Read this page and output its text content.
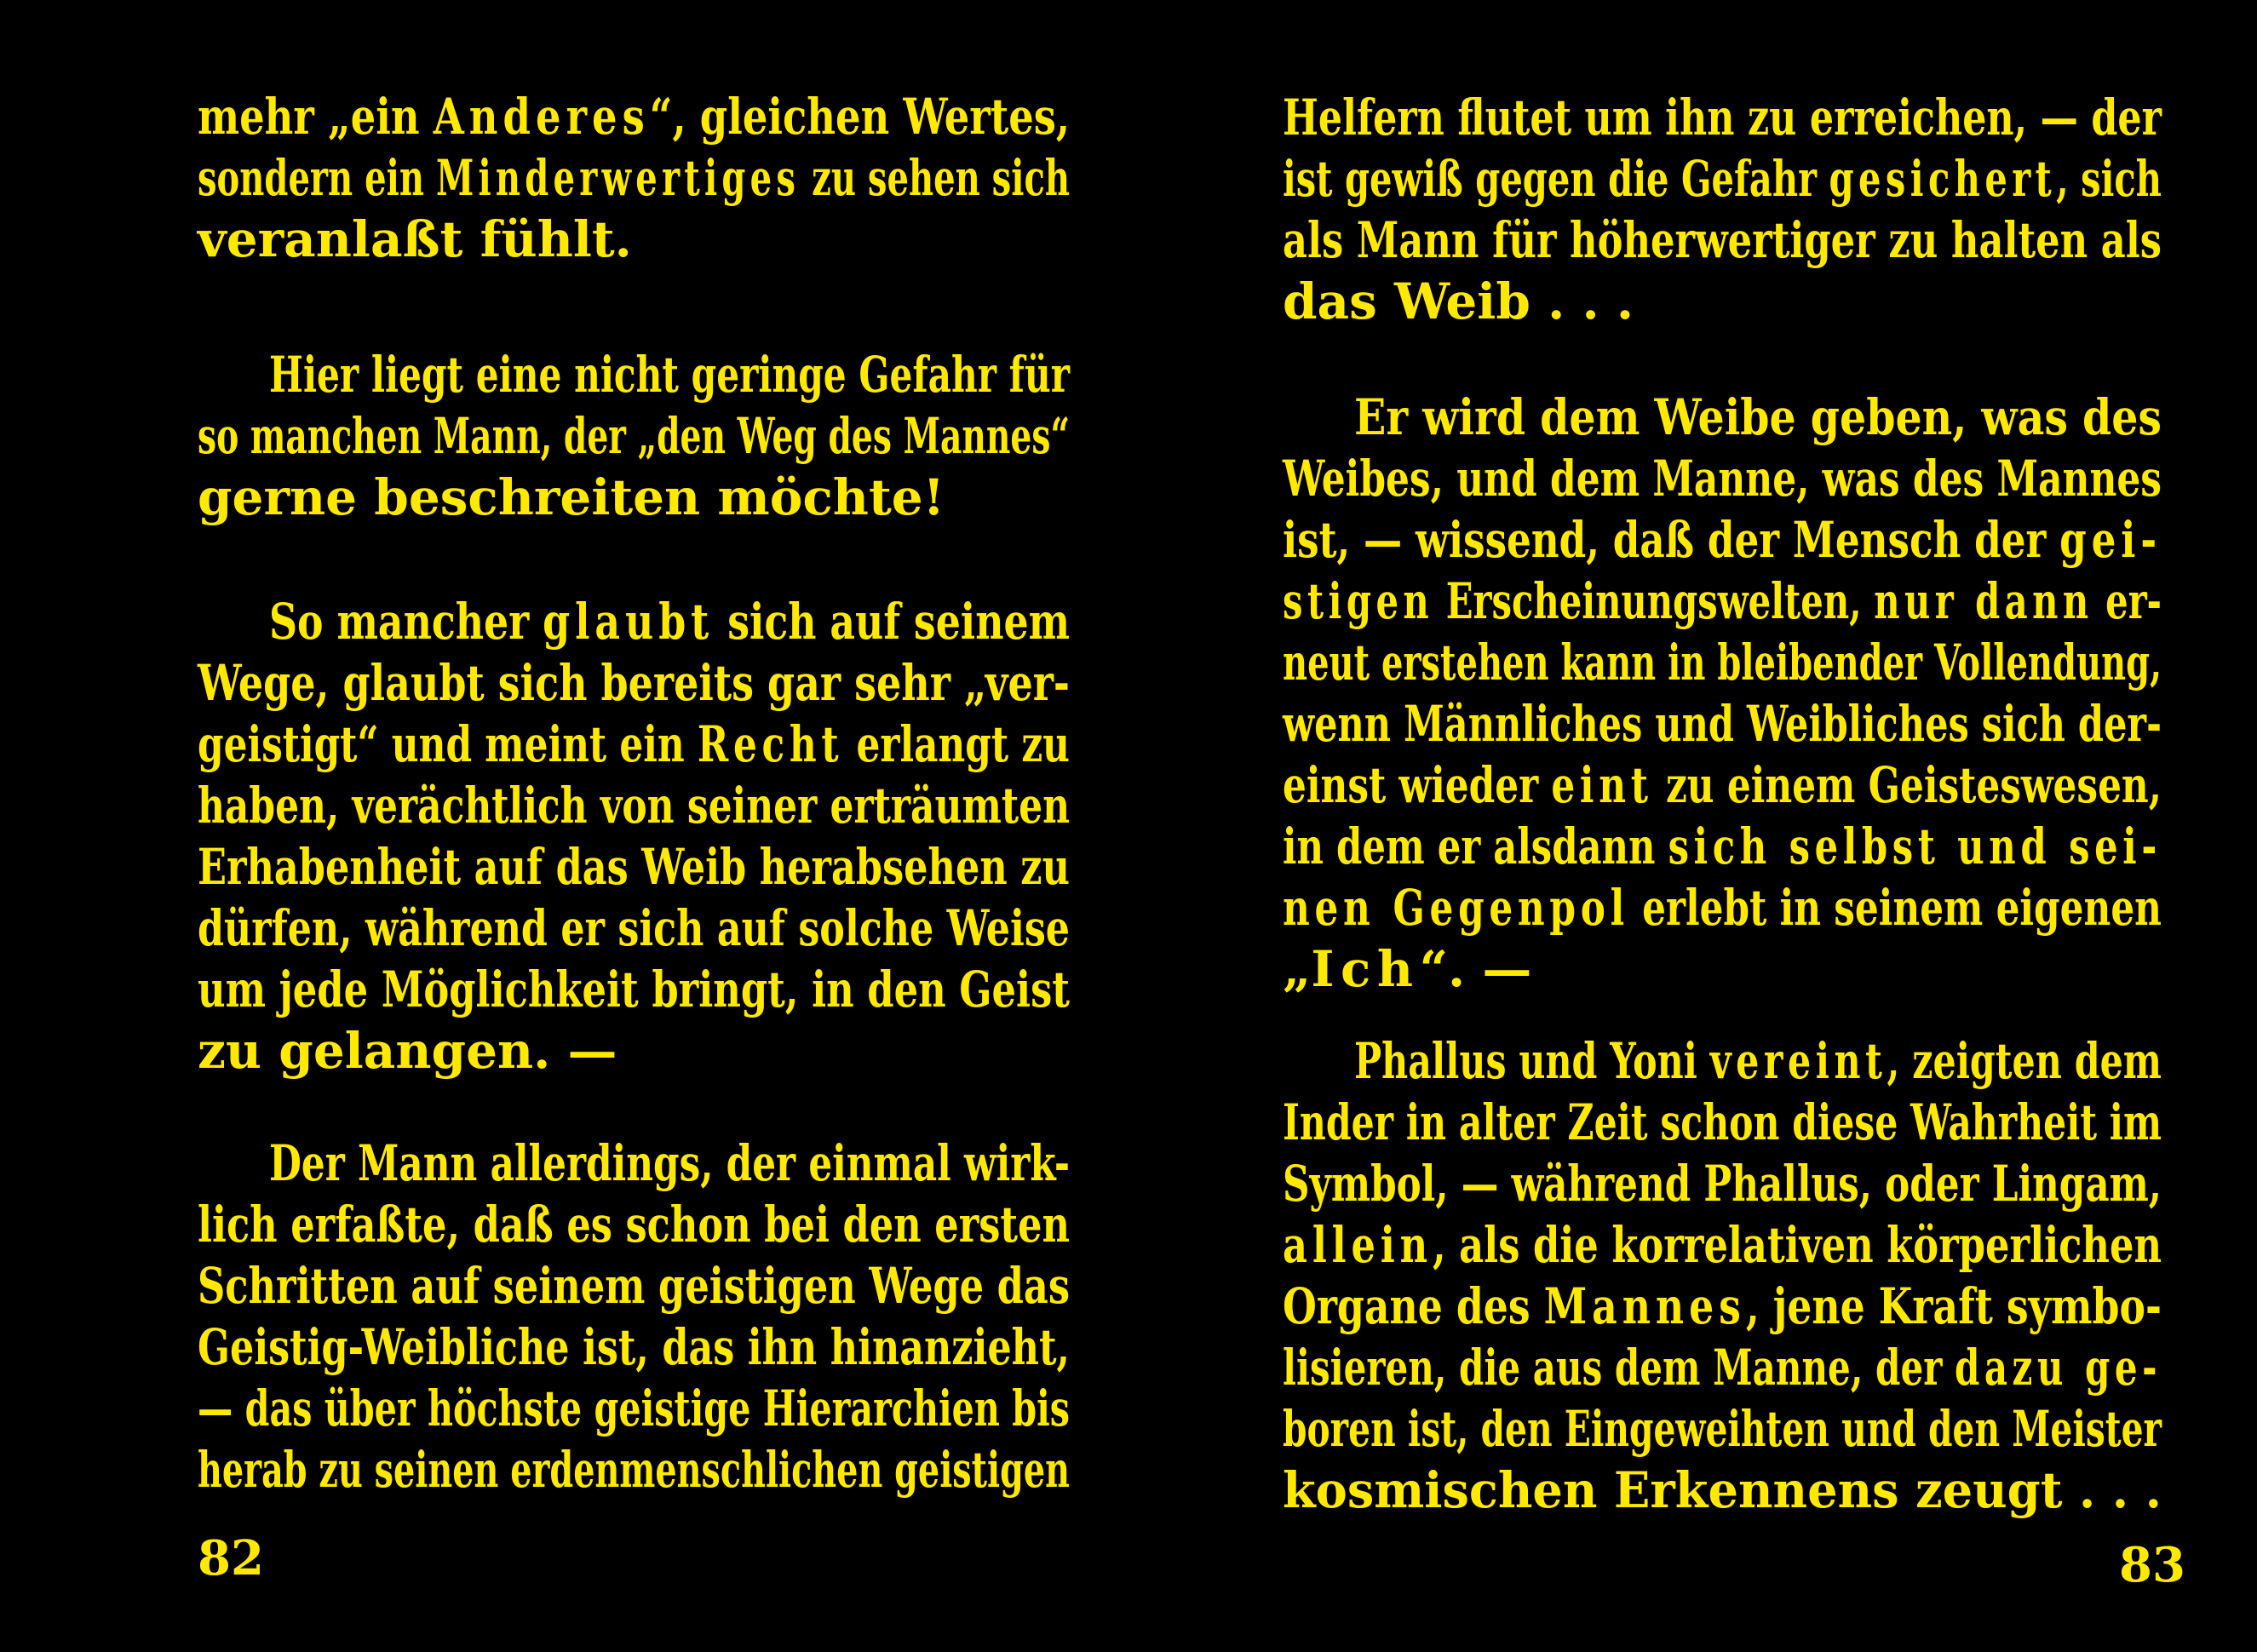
mehr „ein Anderes“, gleichen Wertes,
sondern ein Minderwertiges zu sehen sich
veranlaßt fühlt.
Hier liegt eine nicht geringe Gefahr für
so manchen Mann, der „den Weg des Mannes“
gerne beschreiten möchte!
So mancher glaubt sich auf seinem
Wege, glaubt sich bereits gar sehr „ver-
geistigt“ und meint ein Recht erlangt zu
haben, verächtlich von seiner erträumten
Erhabenheit auf das Weib herabsehen zu
dürfen, während er sich auf solche Weise
um jede Möglichkeit bringt, in den Geist
zu gelangen. —
Der Mann allerdings, der einmal wirk-
lich erfaßte, daß es schon bei den ersten
Schritten auf seinem geistigen Wege das
Geistig-Weibliche ist, das ihn hinanzieht,
— das über höchste geistige Hierarchien bis
herab zu seinen erdenmenschlichen geistigen
Helfern flutet um ihn zu erreichen, — der
ist gewiß gegen die Gefahr gesichert, sich
als Mann für höherwertiger zu halten als
das Weib . . .
Er wird dem Weibe geben, was des
Weibes, und dem Manne, was des Mannes
ist, — wissend, daß der Mensch der gei-
stigen Erscheinungswelten, nur dann er-
neut erstehen kann in bleibender Vollendung,
wenn Männliches und Weibliches sich der-
einst wieder eint zu einem Geisteswesen,
in dem er alsdann sich selbst und sei-
nen Gegenpol erlebt in seinem eigenen
„Ich“. —
Phallus und Yoni vereint, zeigten dem
Inder in alter Zeit schon diese Wahrheit im
Symbol, — während Phallus, oder Lingam,
allein, als die korrelativen körperlichen
Organe des Mannes, jene Kraft symbo-
lisieren, die aus dem Manne, der dazu ge-
boren ist, den Eingeweihten und den Meister
kosmischen Erkennens zeugt . . .
82	83
